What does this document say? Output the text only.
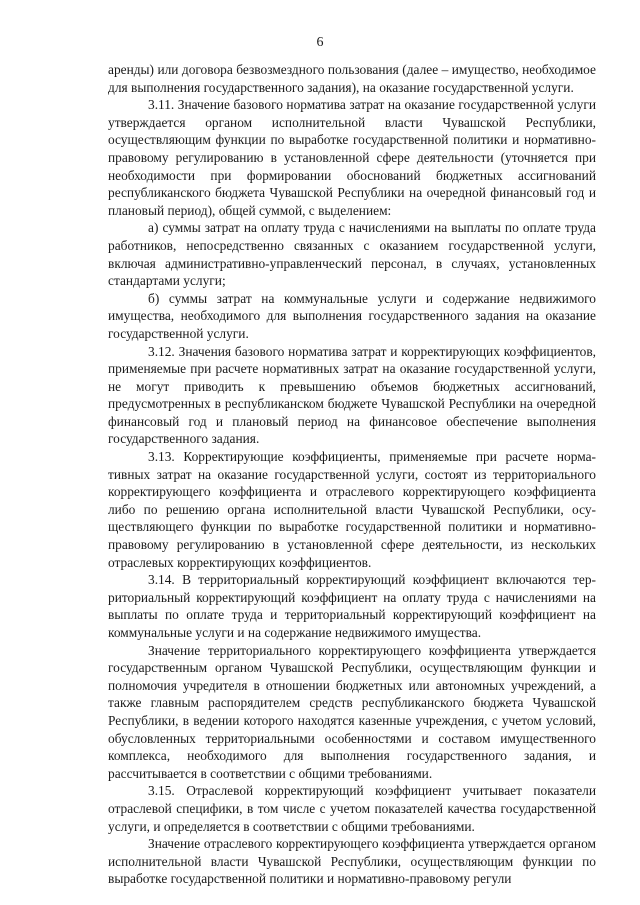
6

аренды) или договора безвозмездного пользования (далее – имущество, необходимое для выполнения государственного задания), на оказание государственной услуги.

3.11. Значение базового норматива затрат на оказание государственной услуги утверждается органом исполнительной власти Чувашской Республики, осуществляющим функции по выработке государственной политики и нормативно-правовому регулированию в установленной сфере деятельности (уточняется при необходимости при формировании обоснований бюджетных ассигнований республиканского бюджета Чувашской Республики на очередной финансовый год и плановый период), общей суммой, с выделением:

а) суммы затрат на оплату труда с начислениями на выплаты по оплате труда работников, непосредственно связанных с оказанием государственной услуги, включая административно-управленческий персонал, в случаях, установленных стандартами услуги;

б) суммы затрат на коммунальные услуги и содержание недвижимого имущества, необходимого для выполнения государственного задания на оказание государственной услуги.

3.12. Значения базового норматива затрат и корректирующих коэффициентов, применяемые при расчете нормативных затрат на оказание государственной услуги, не могут приводить к превышению объемов бюджетных ассигнований, предусмотренных в республиканском бюджете Чувашской Республики на очередной финансовый год и плановый период на финансовое обеспечение выполнения государственного задания.

3.13. Корректирующие коэффициенты, применяемые при расчете нормативных затрат на оказание государственной услуги, состоят из территориального корректирующего коэффициента и отраслевого корректирующего коэффициента либо по решению органа исполнительной власти Чувашской Республики, осуществляющего функции по выработке государственной политики и нормативно-правовому регулированию в установленной сфере деятельности, из нескольких отраслевых корректирующих коэффициентов.

3.14. В территориальный корректирующий коэффициент включаются территориальный корректирующий коэффициент на оплату труда с начислениями на выплаты по оплате труда и территориальный корректирующий коэффициент на коммунальные услуги и на содержание недвижимого имущества.

Значение территориального корректирующего коэффициента утверждается государственным органом Чувашской Республики, осуществляющим функции и полномочия учредителя в отношении бюджетных или автономных учреждений, а также главным распорядителем средств республиканского бюджета Чувашской Республики, в ведении которого находятся казенные учреждения, с учетом условий, обусловленных территориальными особенностями и составом имущественного комплекса, необходимого для выполнения государственного задания, и рассчитывается в соответствии с общими требованиями.

3.15. Отраслевой корректирующий коэффициент учитывает показатели отраслевой специфики, в том числе с учетом показателей качества государственной услуги, и определяется в соответствии с общими требованиями.

Значение отраслевого корректирующего коэффициента утверждается органом исполнительной власти Чувашской Республики, осуществляющим функции по выработке государственной политики и нормативно-правовому регули
